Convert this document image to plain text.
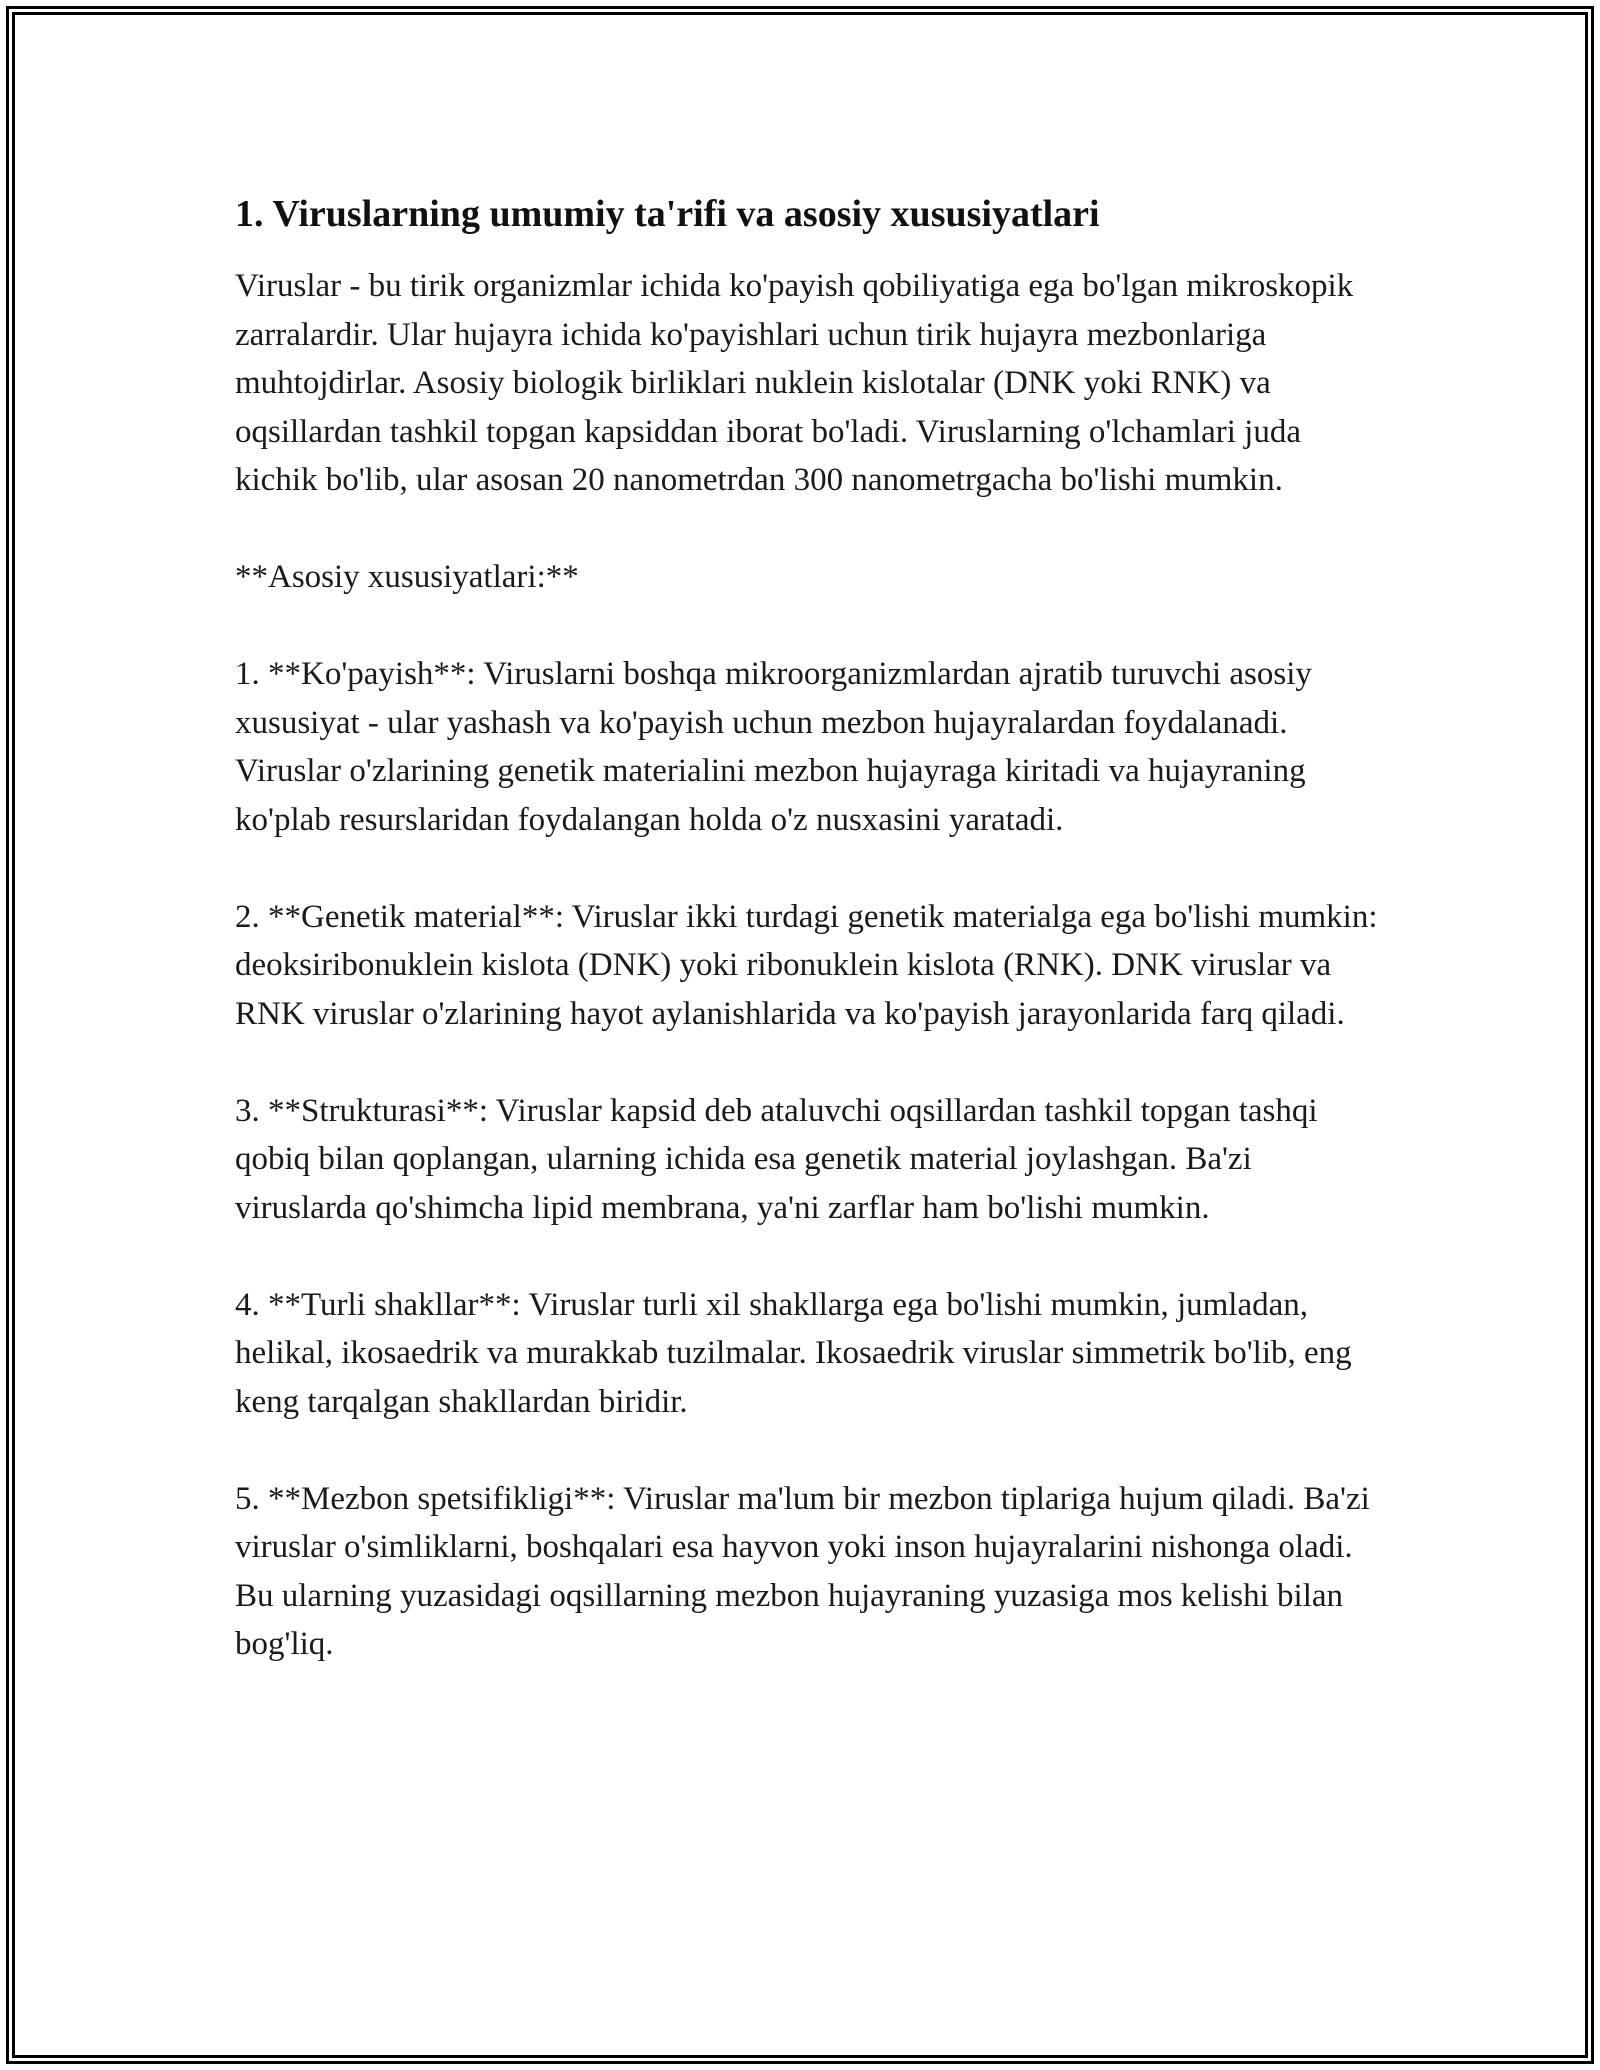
1. Viruslarning umumiy ta'rifi va asosiy xususiyatlari

Viruslar - bu tirik organizmlar ichida ko'payish qobiliyatiga ega bo'lgan mikroskopik zarralardir. Ular hujayra ichida ko'payishlari uchun tirik hujayra mezbonlariga muhtojdirlar. Asosiy biologik birliklari nuklein kislotalar (DNK yoki RNK) va oqsillardan tashkil topgan kapsiddan iborat bo'ladi. Viruslarning o'lchamlari juda kichik bo'lib, ular asosan 20 nanometrdan 300 nanometrgacha bo'lishi mumkin.

**Asosiy xususiyatlari:**

1. **Ko'payish**: Viruslarni boshqa mikroorganizmlardan ajratib turuvchi asosiy xususiyat - ular yashash va ko'payish uchun mezbon hujayralardan foydalanadi. Viruslar o'zlarining genetik materialini mezbon hujayraga kiritadi va hujayraning ko'plab resurslaridan foydalangan holda o'z nusxasini yaratadi.

2. **Genetik material**: Viruslar ikki turdagi genetik materialga ega bo'lishi mumkin: deoksiribonuklein kislota (DNK) yoki ribonuklein kislota (RNK). DNK viruslar va RNK viruslar o'zlarining hayot aylanishlarida va ko'payish jarayonlarida farq qiladi.

3. **Strukturasi**: Viruslar kapsid deb ataluvchi oqsillardan tashkil topgan tashqi qobiq bilan qoplangan, ularning ichida esa genetik material joylashgan. Ba'zi viruslarda qo'shimcha lipid membrana, ya'ni zarflar ham bo'lishi mumkin.

4. **Turli shakllar**: Viruslar turli xil shakllarga ega bo'lishi mumkin, jumladan, helikal, ikosaedrik va murakkab tuzilmalar. Ikosaedrik viruslar simmetrik bo'lib, eng keng tarqalgan shakllardan biridir.

5. **Mezbon spetsifikligi**: Viruslar ma'lum bir mezbon tiplariga hujum qiladi. Ba'zi viruslar o'simliklarni, boshqalari esa hayvon yoki inson hujayralarini nishonga oladi. Bu ularning yuzasidagi oqsillarning mezbon hujayraning yuzasiga mos kelishi bilan bog'liq.
